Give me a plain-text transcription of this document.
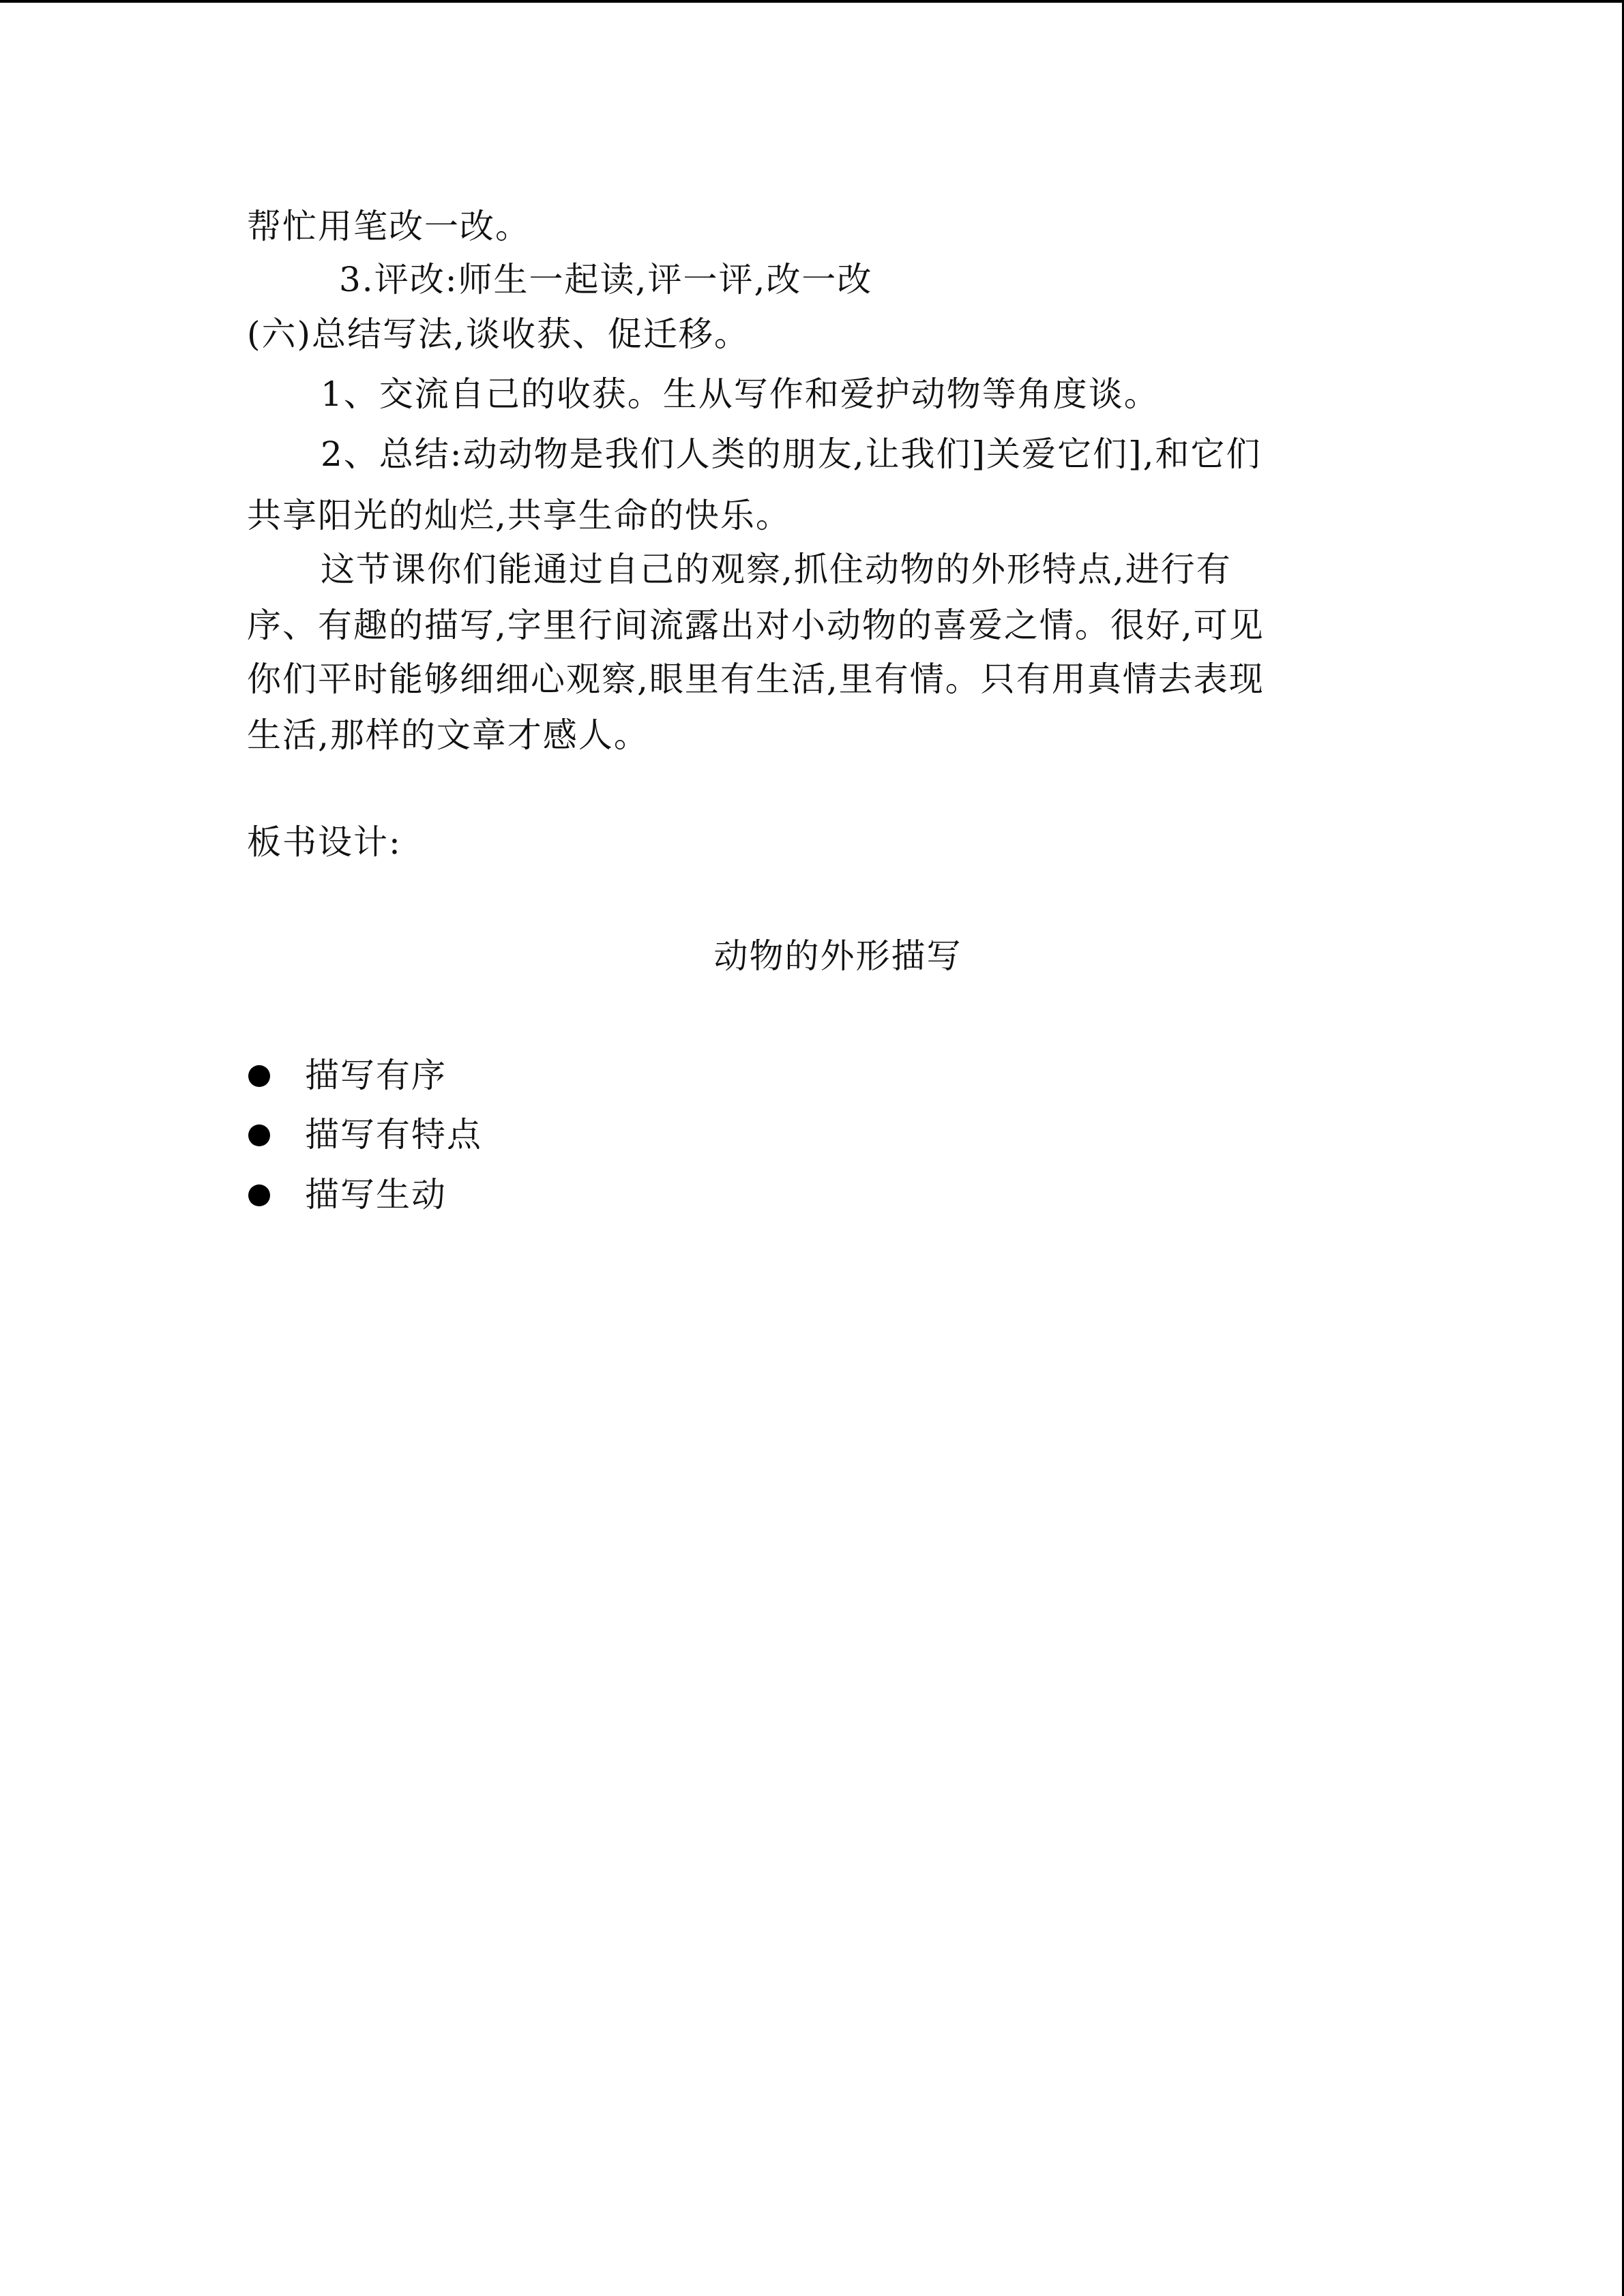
帮忙用笔改一改。
3.评改:师生一起读,评一评,改一改
(六)总结写法,谈收获、促迁移。
1、交流自己的收获。生从写作和爱护动物等角度谈。
2、总结:动动物是我们人类的朋友,让我们]关爱它们],和它们
共享阳光的灿烂,共享生命的快乐。
这节课你们能通过自己的观察,抓住动物的外形特点,进行有
序、有趣的描写,字里行间流露出对小动物的喜爱之情。很好,可见
你们平时能够细细心观察,眼里有生活,里有情。只有用真情去表现
生活,那样的文章才感人。
板书设计:
动物的外形描写
描写有序
描写有特点
描写生动
